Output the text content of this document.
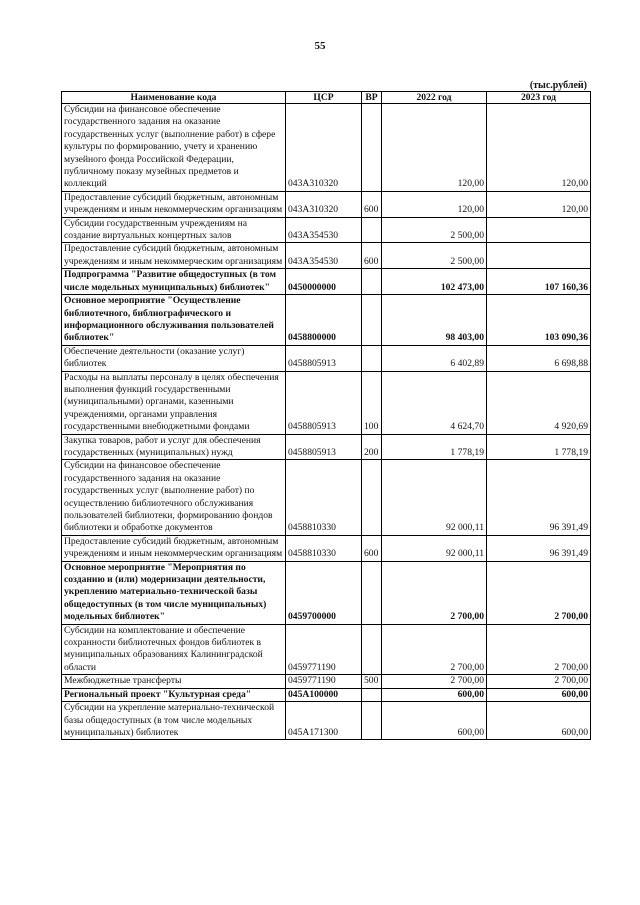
55
(тыс.рублей)
Наименование кода	ЦСР	ВР	2022 год	2023 год
Субсидии на финансовое обеспечение государственного задания на оказание государственных услуг (выполнение работ) в сфере культуры по формированию, учету и хранению музейного фонда Российской Федерации, публичному показу музейных предметов и коллекций	043A310320		120,00	120,00
Предоставление субсидий бюджетным, автономным учреждениям и иным некоммерческим организациям	043A310320	600	120,00	120,00
Субсидии государственным учреждениям на создание виртуальных концертных залов	043A354530		2 500,00	
Предоставление субсидий бюджетным, автономным учреждениям и иным некоммерческим организациям	043A354530	600	2 500,00	
Подпрограмма "Развитие общедоступных (в том числе модельных муниципальных) библиотек"	0450000000		102 473,00	107 160,36
Основное мероприятие "Осуществление библиотечного, библиографического и информационного обслуживания пользователей библиотек"	0458800000		98 403,00	103 090,36
Обеспечение деятельности (оказание услуг) библиотек	0458805913		6 402,89	6 698,88
Расходы на выплаты персоналу в целях обеспечения выполнения функций государственными (муниципальными) органами, казенными учреждениями, органами управления государственными внебюджетными фондами	0458805913	100	4 624,70	4 920,69
Закупка товаров, работ и услуг для обеспечения государственных (муниципальных) нужд	0458805913	200	1 778,19	1 778,19
Субсидии на финансовое обеспечение государственного задания на оказание государственных услуг (выполнение работ) по осуществлению библиотечного обслуживания пользователей библиотеки, формированию фондов библиотеки и обработке документов	0458810330		92 000,11	96 391,49
Предоставление субсидий бюджетным, автономным учреждениям и иным некоммерческим организациям	0458810330	600	92 000,11	96 391,49
Основное мероприятие "Мероприятия по созданию и (или) модернизации деятельности, укреплению материально-технической базы общедоступных (в том числе муниципальных) модельных библиотек"	0459700000		2 700,00	2 700,00
Субсидии на комплектование и обеспечение сохранности библиотечных фондов библиотек в муниципальных образованиях Калининградской области	0459771190		2 700,00	2 700,00
Межбюджетные трансферты	0459771190	500	2 700,00	2 700,00
Региональный проект "Культурная среда"	045A100000		600,00	600,00
Субсидии на укрепление материально-технической базы общедоступных (в том числе модельных муниципальных) библиотек	045A171300		600,00	600,00
